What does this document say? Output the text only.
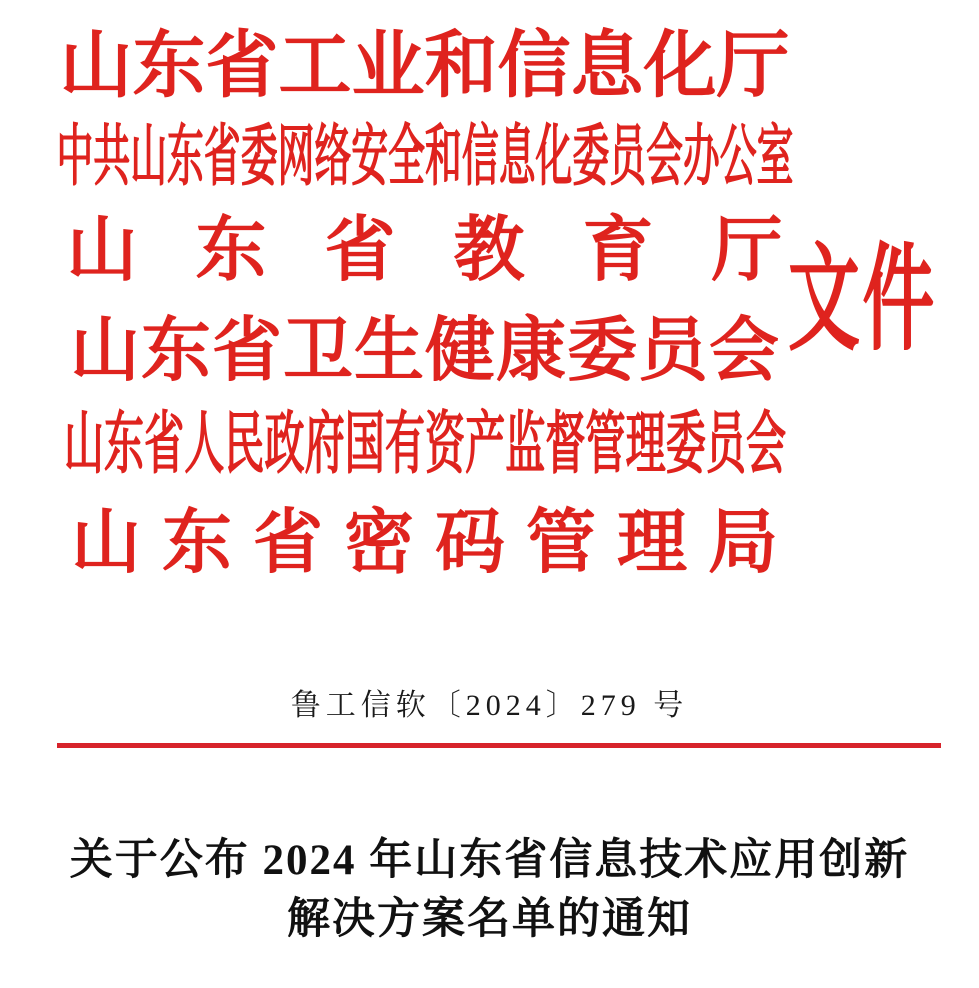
山东省工业和信息化厅
中共山东省委网络安全和信息化委员会办公室
山东省教育厅
山东省卫生健康委员会
山东省人民政府国有资产监督管理委员会
山东省密码管理局
文件
鲁工信软〔2024〕279 号
关于公布 2024 年山东省信息技术应用创新
解决方案名单的通知
